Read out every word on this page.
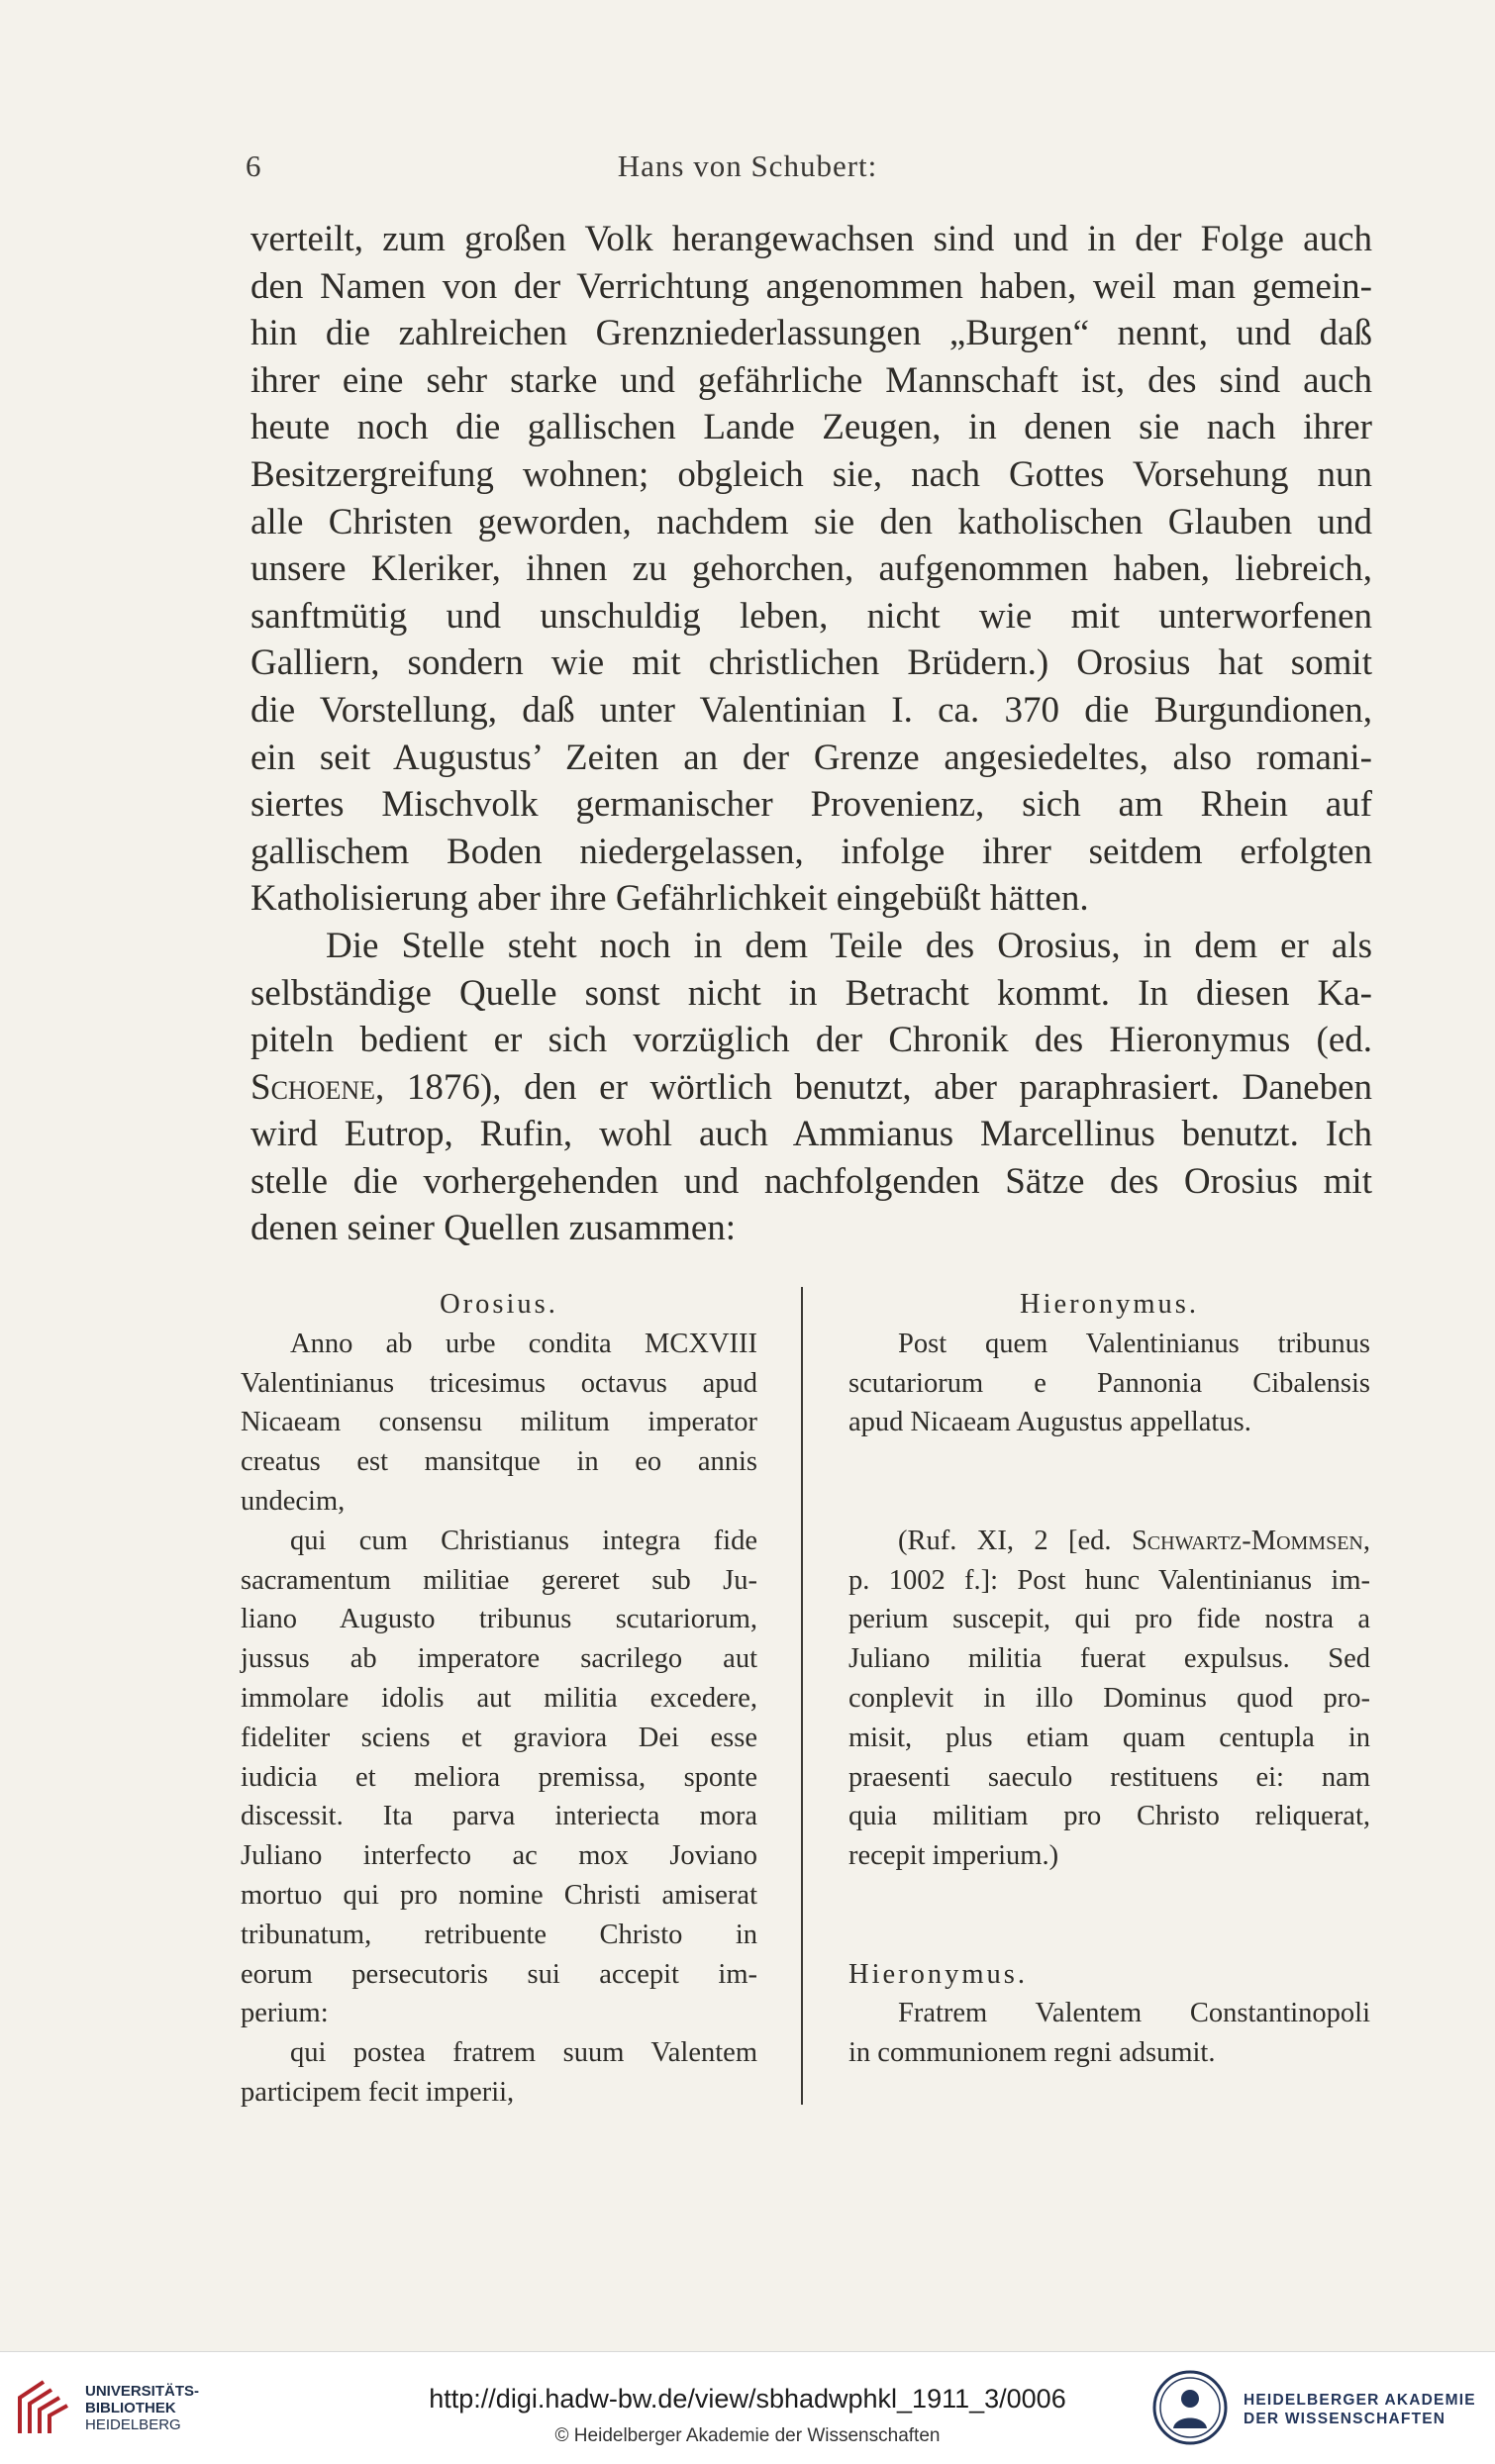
6	Hans von Schubert:
verteilt, zum großen Volk herangewachsen sind und in der Folge auch
den Namen von der Verrichtung angenommen haben, weil man gemein-
hin die zahlreichen Grenzniederlassungen „Burgen“ nennt, und daß
ihrer eine sehr starke und gefährliche Mannschaft ist, des sind auch
heute noch die gallischen Lande Zeugen, in denen sie nach ihrer
Besitzergreifung wohnen; obgleich sie, nach Gottes Vorsehung nun
alle Christen geworden, nachdem sie den katholischen Glauben und
unsere Kleriker, ihnen zu gehorchen, aufgenommen haben, liebreich,
sanftmütig und unschuldig leben, nicht wie mit unterworfenen
Galliern, sondern wie mit christlichen Brüdern.) Orosius hat somit
die Vorstellung, daß unter Valentinian I. ca. 370 die Burgundionen,
ein seit Augustus’ Zeiten an der Grenze angesiedeltes, also romani-
siertes Mischvolk germanischer Provenienz, sich am Rhein auf
gallischem Boden niedergelassen, infolge ihrer seitdem erfolgten
Katholisierung aber ihre Gefährlichkeit eingebüßt hätten.
Die Stelle steht noch in dem Teile des Orosius, in dem er als
selbständige Quelle sonst nicht in Betracht kommt. In diesen Ka-
piteln bedient er sich vorzüglich der Chronik des Hieronymus (ed.
Schoene, 1876), den er wörtlich benutzt, aber paraphrasiert. Daneben
wird Eutrop, Rufin, wohl auch Ammianus Marcellinus benutzt. Ich
stelle die vorhergehenden und nachfolgenden Sätze des Orosius mit
denen seiner Quellen zusammen:
Orosius.
Anno ab urbe condita MCXVIII
Valentinianus tricesimus octavus apud
Nicaeam consensu militum imperator
creatus est mansitque in eo annis
undecim,
qui cum Christianus integra fide
sacramentum militiae gereret sub Ju-
liano Augusto tribunus scutariorum,
jussus ab imperatore sacrilego aut
immolare idolis aut militia excedere,
fideliter sciens et graviora Dei esse
iudicia et meliora premissa, sponte
discessit. Ita parva interiecta mora
Juliano interfecto ac mox Joviano
mortuo qui pro nomine Christi amiserat
tribunatum, retribuente Christo in
eorum persecutoris sui accepit im-
perium:
qui postea fratrem suum Valentem
participem fecit imperii,
Hieronymus.
Post quem Valentinianus tribunus
scutariorum e Pannonia Cibalensis
apud Nicaeam Augustus appellatus.
(Ruf. XI, 2 [ed. Schwartz-Mommsen,
p. 1002 f.]: Post hunc Valentinianus im-
perium suscepit, qui pro fide nostra a
Juliano militia fuerat expulsus. Sed
conplevit in illo Dominus quod pro-
misit, plus etiam quam centupla in
praesenti saeculo restituens ei: nam
quia militiam pro Christo reliquerat,
recepit imperium.)
Hieronymus.
Fratrem Valentem Constantinopoli
in communionem regni adsumit.
UNIVERSITÄTS-
BIBLIOTHEK
HEIDELBERG
http://digi.hadw-bw.de/view/sbhadwphkl_1911_3/0006
© Heidelberger Akademie der Wissenschaften
HEIDELBERGER AKADEMIE
DER WISSENSCHAFTEN
